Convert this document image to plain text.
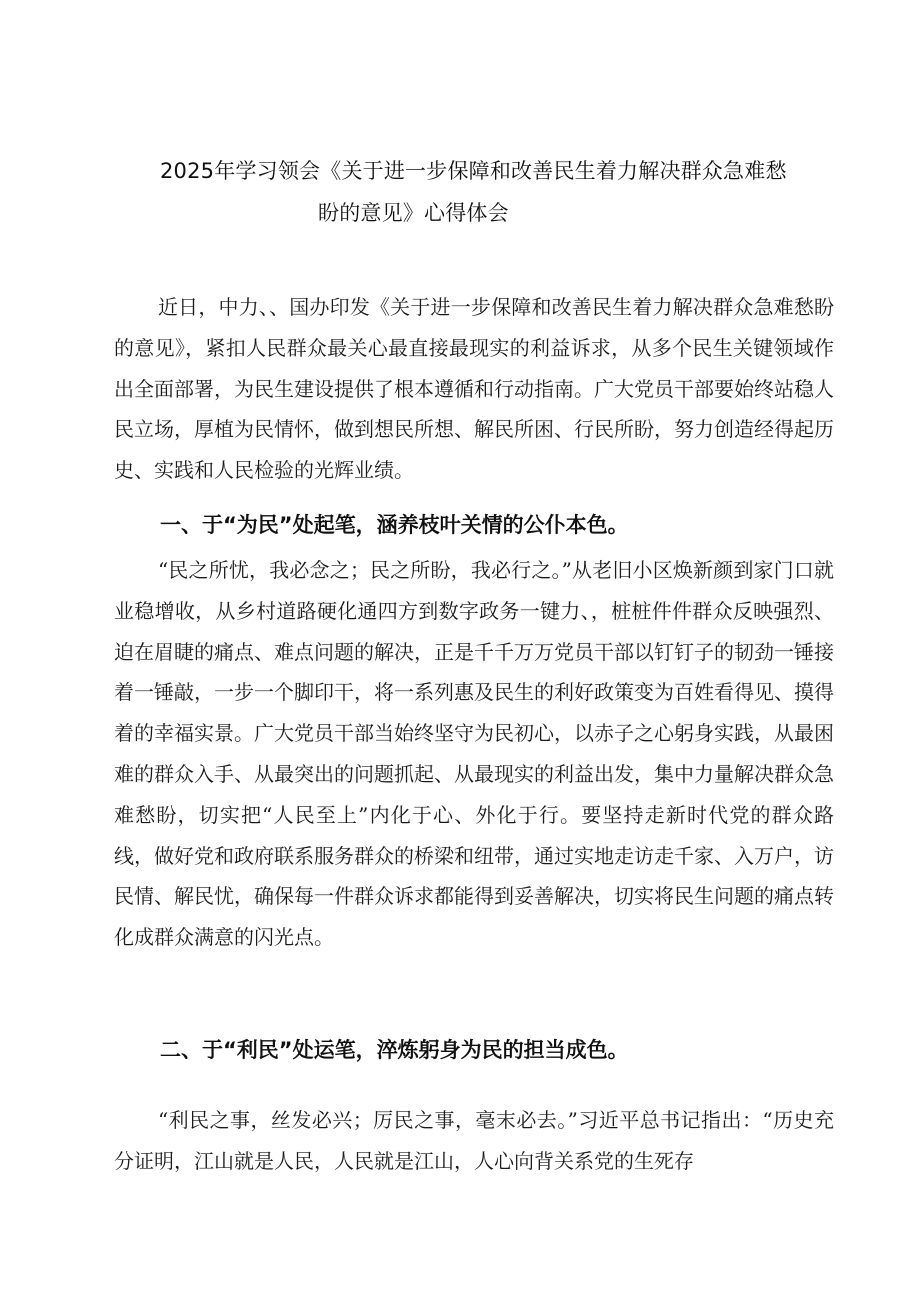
2025年学习领会《关于进一步保障和改善民生着力解决群众急难愁
盼的意见》心得体会

近日，中力、、国办印发《关于进一步保障和改善民生着力解决群众急难愁盼的意见》，紧扣人民群众最关心最直接最现实的利益诉求，从多个民生关键领域作出全面部署，为民生建设提供了根本遵循和行动指南。广大党员干部要始终站稳人民立场，厚植为民情怀，做到想民所想、解民所困、行民所盼，努力创造经得起历史、实践和人民检验的光辉业绩。

一、于“为民”处起笔，涵养枝叶关情的公仆本色。

“民之所忧，我必念之；民之所盼，我必行之。”从老旧小区焕新颜到家门口就业稳增收，从乡村道路硬化通四方到数字政务一键力、，桩桩件件群众反映强烈、迫在眉睫的痛点、难点问题的解决，正是千千万万党员干部以钉钉子的韧劲一锤接着一锤敲，一步一个脚印干，将一系列惠及民生的利好政策变为百姓看得见、摸得着的幸福实景。广大党员干部当始终坚守为民初心，以赤子之心躬身实践，从最困难的群众入手、从最突出的问题抓起、从最现实的利益出发，集中力量解决群众急难愁盼，切实把“人民至上”内化于心、外化于行。要坚持走新时代党的群众路线，做好党和政府联系服务群众的桥梁和纽带，通过实地走访走千家、入万户，访民情、解民忧，确保每一件群众诉求都能得到妥善解决，切实将民生问题的痛点转化成群众满意的闪光点。

二、于“利民”处运笔，淬炼躬身为民的担当成色。

“利民之事，丝发必兴；厉民之事，毫末必去。”习近平总书记指出：“历史充分证明，江山就是人民，人民就是江山，人心向背关系党的生死存
